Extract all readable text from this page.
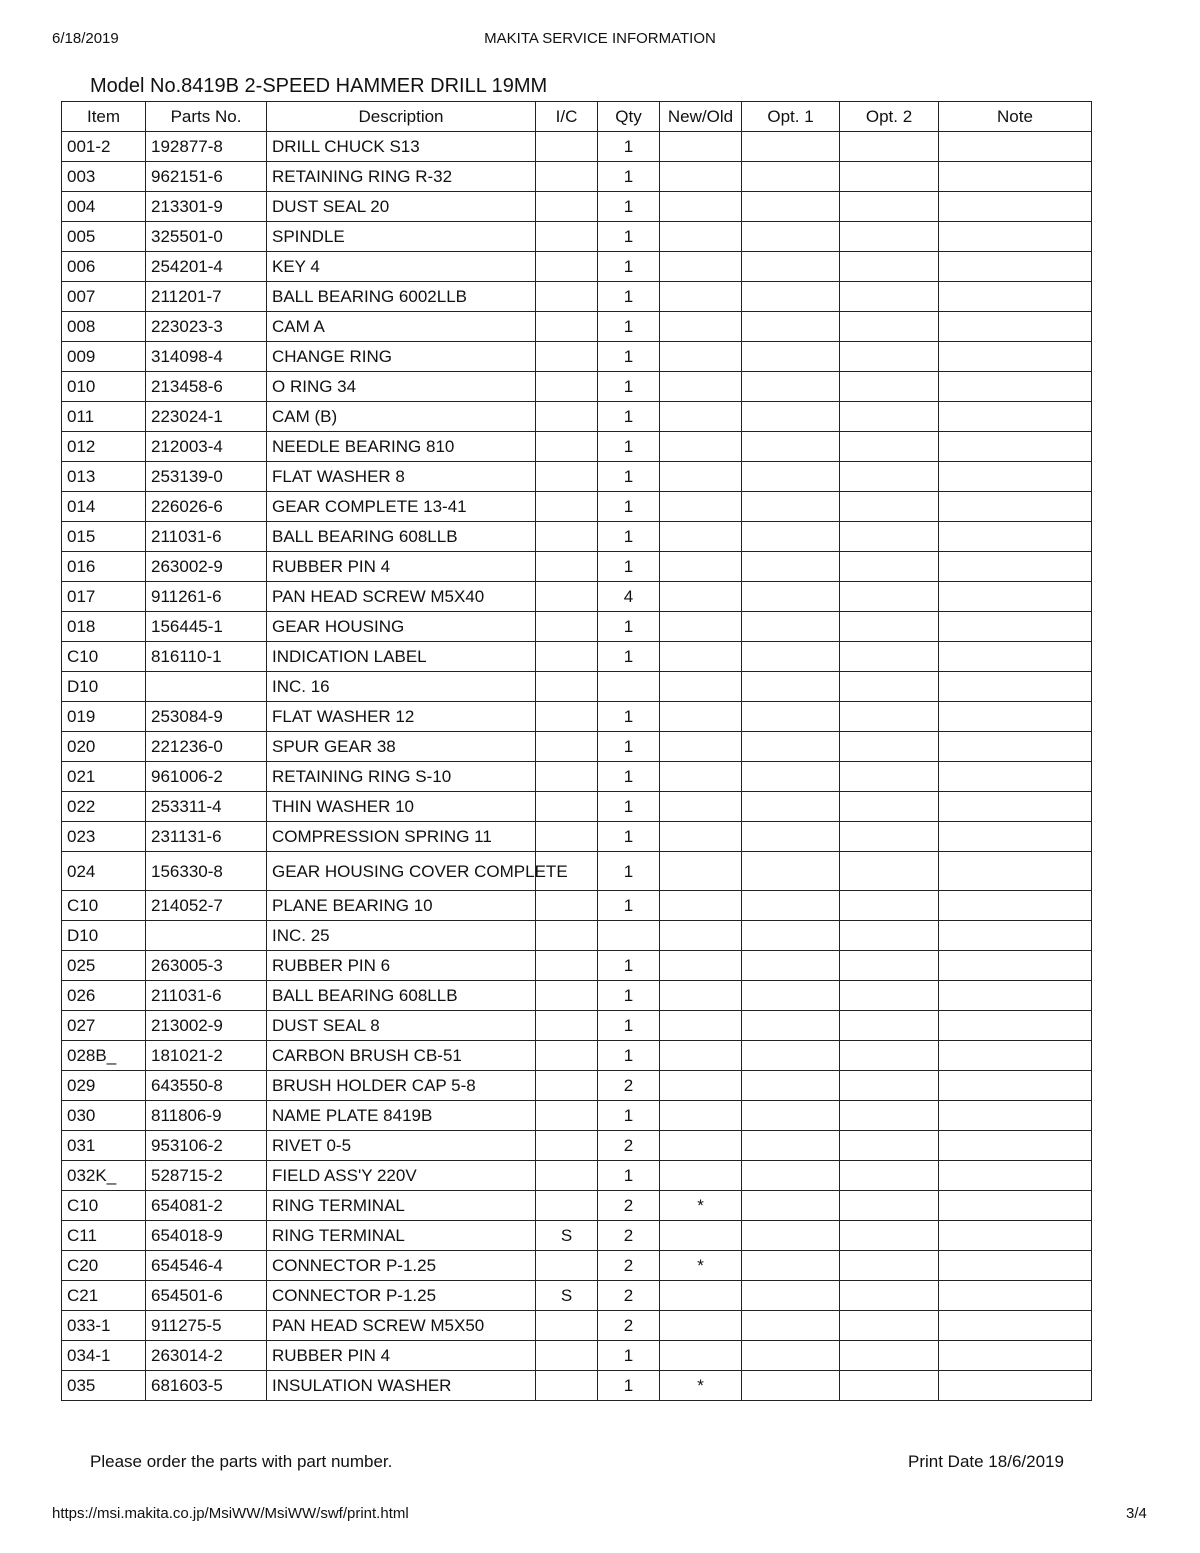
6/18/2019	MAKITA SERVICE INFORMATION
Model No.8419B 2-SPEED HAMMER DRILL 19MM
Item	Parts No.	Description	I/C	Qty	New/Old	Opt. 1	Opt. 2	Note
001-2	192877-8	DRILL CHUCK S13		1				
003	962151-6	RETAINING RING R-32		1				
004	213301-9	DUST SEAL 20		1				
005	325501-0	SPINDLE		1				
006	254201-4	KEY 4		1				
007	211201-7	BALL BEARING 6002LLB		1				
008	223023-3	CAM A		1				
009	314098-4	CHANGE RING		1				
010	213458-6	O RING 34		1				
011	223024-1	CAM (B)		1				
012	212003-4	NEEDLE BEARING 810		1				
013	253139-0	FLAT WASHER 8		1				
014	226026-6	GEAR COMPLETE 13-41		1				
015	211031-6	BALL BEARING 608LLB		1				
016	263002-9	RUBBER PIN 4		1				
017	911261-6	PAN HEAD SCREW M5X40		4				
018	156445-1	GEAR HOUSING		1				
C10	816110-1	INDICATION LABEL		1				
D10		INC. 16						
019	253084-9	FLAT WASHER 12		1				
020	221236-0	SPUR GEAR 38		1				
021	961006-2	RETAINING RING S-10		1				
022	253311-4	THIN WASHER 10		1				
023	231131-6	COMPRESSION SPRING 11		1				
024	156330-8	GEAR HOUSING COVER COMPLETE		1				
C10	214052-7	PLANE BEARING 10		1				
D10		INC. 25						
025	263005-3	RUBBER PIN 6		1				
026	211031-6	BALL BEARING 608LLB		1				
027	213002-9	DUST SEAL 8		1				
028B_	181021-2	CARBON BRUSH CB-51		1				
029	643550-8	BRUSH HOLDER CAP 5-8		2				
030	811806-9	NAME PLATE 8419B		1				
031	953106-2	RIVET 0-5		2				
032K_	528715-2	FIELD ASS'Y 220V		1				
C10	654081-2	RING TERMINAL		2	*			
C11	654018-9	RING TERMINAL	S	2				
C20	654546-4	CONNECTOR P-1.25		2	*			
C21	654501-6	CONNECTOR P-1.25	S	2				
033-1	911275-5	PAN HEAD SCREW M5X50		2				
034-1	263014-2	RUBBER PIN 4		1				
035	681603-5	INSULATION WASHER		1	*			
Please order the parts with part number.	Print Date 18/6/2019
https://msi.makita.co.jp/MsiWW/MsiWW/swf/print.html	3/4
